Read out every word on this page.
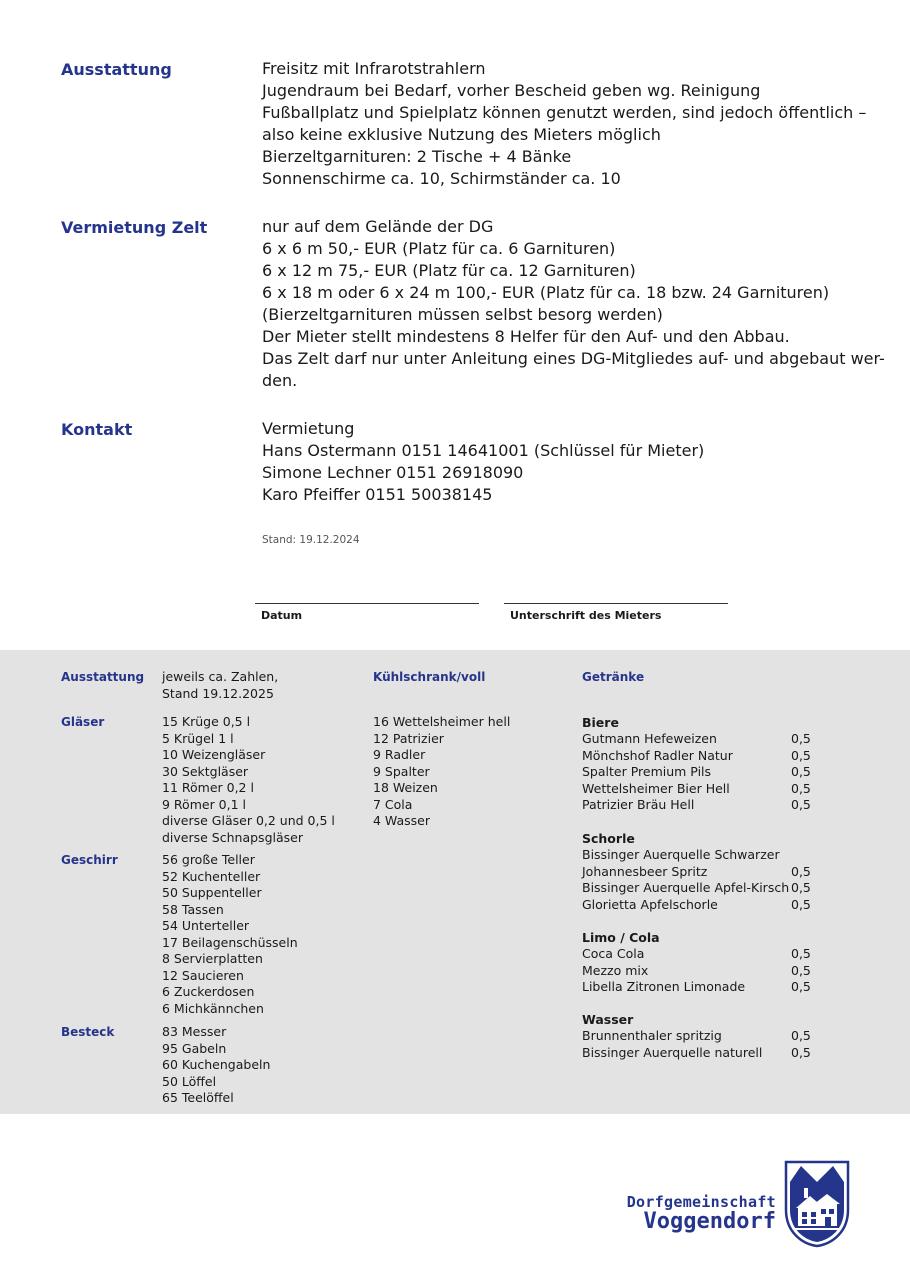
Ausstattung	Freisitz mit Infrarotstrahlern
Jugendraum bei Bedarf, vorher Bescheid geben wg. Reinigung
Fußballplatz und Spielplatz können genutzt werden, sind jedoch öffentlich –
also keine exklusive Nutzung des Mieters möglich
Bierzeltgarnituren: 2 Tische + 4 Bänke
Sonnenschirme ca. 10, Schirmständer ca. 10
Vermietung Zelt	nur auf dem Gelände der DG
6 x 6 m 50,- EUR (Platz für ca. 6 Garnituren)
6 x 12 m 75,- EUR (Platz für ca. 12 Garnituren)
6 x 18 m oder 6 x 24 m 100,- EUR (Platz für ca. 18 bzw. 24 Garnituren)
(Bierzeltgarnituren müssen selbst besorg werden)
Der Mieter stellt mindestens 8 Helfer für den Auf- und den Abbau.
Das Zelt darf nur unter Anleitung eines DG-Mitgliedes auf- und abgebaut wer-
den.
Kontakt	Vermietung
Hans Ostermann 0151 14641001 (Schlüssel für Mieter)
Simone Lechner 0151 26918090
Karo Pfeiffer 0151 50038145
Stand: 19.12.2024
Datum	Unterschrift des Mieters
Ausstattung jeweils ca. Zahlen,
Stand 19.12.2025
Gläser	15 Krüge 0,5 l
5 Krügel 1 l
10 Weizengläser
30 Sektgläser
11 Römer 0,2 l
9 Römer 0,1 l
diverse Gläser 0,2 und 0,5 l
diverse Schnapsgläser
Geschirr	56 große Teller
52 Kuchenteller
50 Suppenteller
58 Tassen
54 Unterteller
17 Beilagenschüsseln
8 Servierplatten
12 Saucieren
6 Zuckerdosen
6 Michkännchen
Besteck	83 Messer
95 Gabeln
60 Kuchengabeln
50 Löffel
65 Teelöffel
Kühlschrank/voll
16 Wettelsheimer hell
12 Patrizier
9 Radler
9 Spalter
18 Weizen
7 Cola
4 Wasser
Getränke
Biere
Gutmann Hefeweizen	0,5
Mönchshof Radler Natur	0,5
Spalter Premium Pils	0,5
Wettelsheimer Bier Hell	0,5
Patrizier Bräu Hell	0,5
Schorle
Bissinger Auerquelle Schwarzer
Johannesbeer Spritz	0,5
Bissinger Auerquelle Apfel-Kirsch 0,5
Glorietta Apfelschorle	0,5
Limo / Cola
Coca Cola	0,5
Mezzo mix	0,5
Libella Zitronen Limonade	0,5
Wasser
Brunnenthaler spritzig	0,5
Bissinger Auerquelle naturell 0,5
Dorfgemeinschaft
Voggendorf
